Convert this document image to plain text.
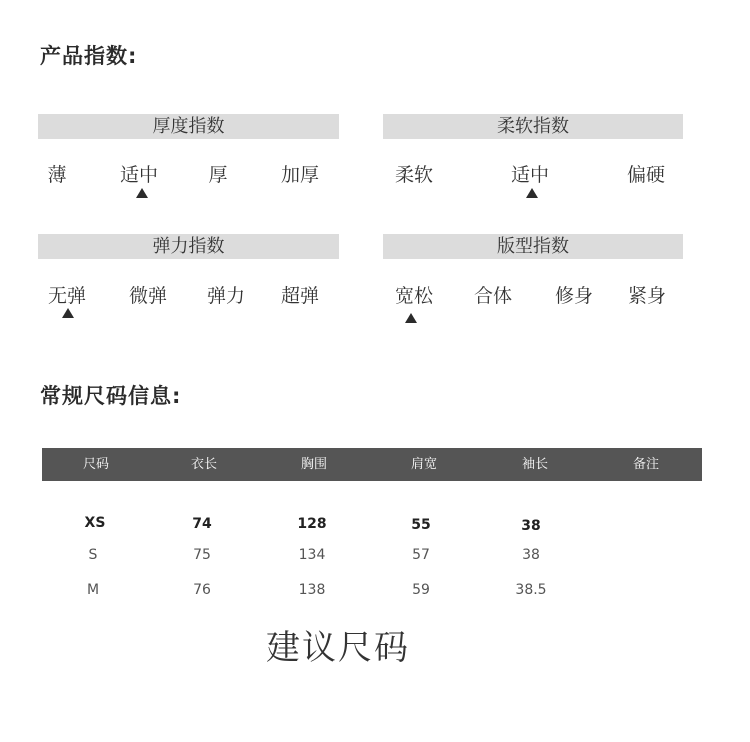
产品指数:
厚度指数
薄	适中	厚	加厚
柔软指数
柔软	适中	偏硬
弹力指数
无弹 微弹 弹力 超弹
版型指数
宽松 合体 修身 紧身
常规尺码信息:
尺码	衣长	胸围	肩宽	袖长	备注
XS	74	128	55	38
S	75	134	57	38
M	76	138	59	38.5
建议尺码
